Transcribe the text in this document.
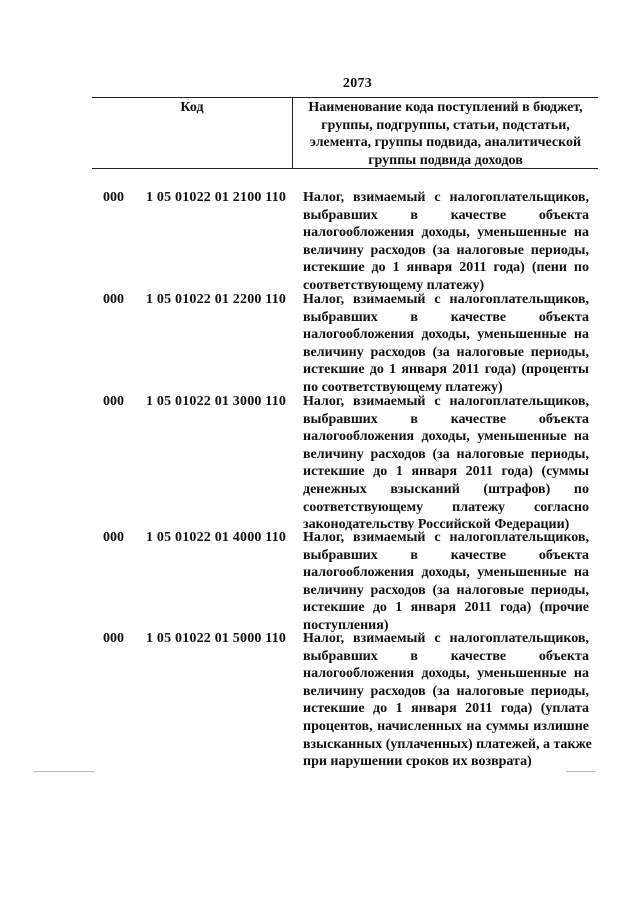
2073
Код	Наименование кода поступлений в бюджет,
группы, подгруппы, статьи, подстатьи,
элемента, группы подвида, аналитической
группы подвида доходов
000 1 05 01022 01 2100 110 Налог, взимаемый с налогоплательщиков,
выбравших в качестве объекта
налогообложения доходы, уменьшенные на
величину расходов (за налоговые периоды,
истекшие до 1 января 2011 года) (пени по
соответствующему платежу)
000 1 05 01022 01 2200 110 Налог, взимаемый с налогоплательщиков,
выбравших в качестве объекта
налогообложения доходы, уменьшенные на
величину расходов (за налоговые периоды,
истекшие до 1 января 2011 года) (проценты
по соответствующему платежу)
000 1 05 01022 01 3000 110 Налог, взимаемый с налогоплательщиков,
выбравших в качестве объекта
налогообложения доходы, уменьшенные на
величину расходов (за налоговые периоды,
истекшие до 1 января 2011 года) (суммы
денежных взысканий (штрафов) по
соответствующему платежу согласно
законодательству Российской Федерации)
000 1 05 01022 01 4000 110 Налог, взимаемый с налогоплательщиков,
выбравших в качестве объекта
налогообложения доходы, уменьшенные на
величину расходов (за налоговые периоды,
истекшие до 1 января 2011 года) (прочие
поступления)
000 1 05 01022 01 5000 110 Налог, взимаемый с налогоплательщиков,
выбравших в качестве объекта
налогообложения доходы, уменьшенные на
величину расходов (за налоговые периоды,
истекшие до 1 января 2011 года) (уплата
процентов, начисленных на суммы излишне
взысканных (уплаченных) платежей, а также
при нарушении сроков их возврата)
